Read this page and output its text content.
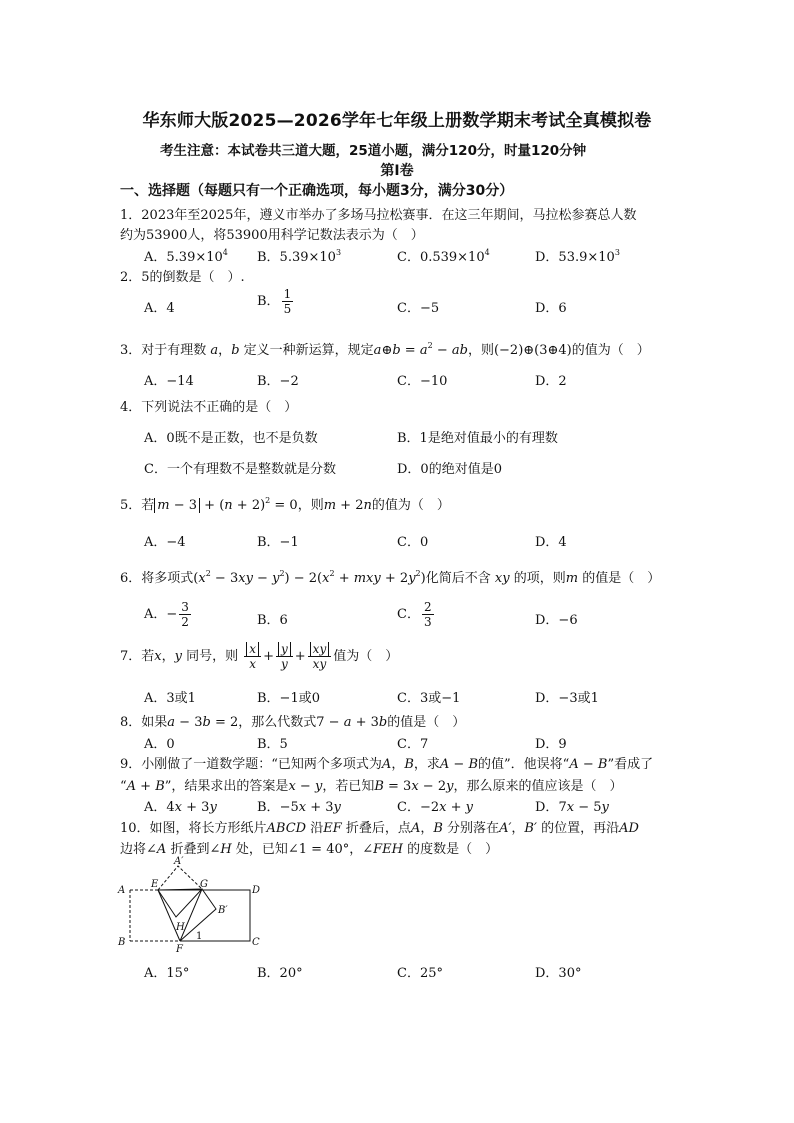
华东师大版2025—2026学年七年级上册数学期末考试全真模拟卷
考生注意：本试卷共三道大题，25道小题，满分120分，时量120分钟
第Ⅰ卷
一、选择题（每题只有一个正确选项，每小题3分，满分30分）
1．2023年至2025年，遵义市举办了多场马拉松赛事．在这三年期间，马拉松参赛总人数
约为53900人，将53900用科学记数法表示为（　）
A．$5.39\times 10^4$ B．$5.39\times 10^3$	C．$0.539\times 10^4$	D．$53.9\times 10^3$
2．5的倒数是（　）.
A．4	B． $\frac{1}{5}$	C．−5	D．6
3．对于有理数 a，b 定义一种新运算，规定a⊕b = $a^2$ − ab，则(−2)⊕(3⊕4)的值为（　）
A．−14	B．−2	C．−10	D．2
4．下列说法不正确的是（　）
A．0既不是正数，也不是负数	B．1是绝对值最小的有理数
C．一个有理数不是整数就是分数	D．0的绝对值是0
5．若 $m - 3 + (n + 2)^2 = 0$，则m + 2n的值为（　）
A．−4	B．−1	C．0	D．4
6．将多项式$(x^2 - 3xy - y^2) - 2(x^2$ + mxy + $2y^2$)化简后不含 xy 的项，则m 的值是（　）
A．− $\frac{3}{2}$	B．6	C． $\frac{2}{3}$	D．−6
7．若x，y 同号，则 $\frac{x}{x} + \frac{y}{y} + \frac{xy}{xy}$ 值为（　）
A．3或1	B．−1或0	C．3或−1	D．−3或1
8．如果a − 3b = 2，那么代数式7 − a + 3b的值是（　）
A．0	B．5	C．7	D．9
9．小刚做了一道数学题：“已知两个多项式为A，B，求A − B的值”．他误将“A − B”看成了
“A + B”，结果求出的答案是x − y，若已知B = 3x − 2y，那么原来的值应该是（　）
A．4x + 3y	B．−5x + 3y	C．−2x + y	D．7x − 5y
10．如图，将长方形纸片ABCD 沿EF 折叠后，点A，B 分别落在A′，B′ 的位置，再沿AD
边将∠A 折叠到∠H 处，已知∠1 = 40°，∠FEH 的度数是（　）
A
A′
E	G
D
H
B′
B
F
1
C
A．15°	B．20°	C．25°	D．30°
